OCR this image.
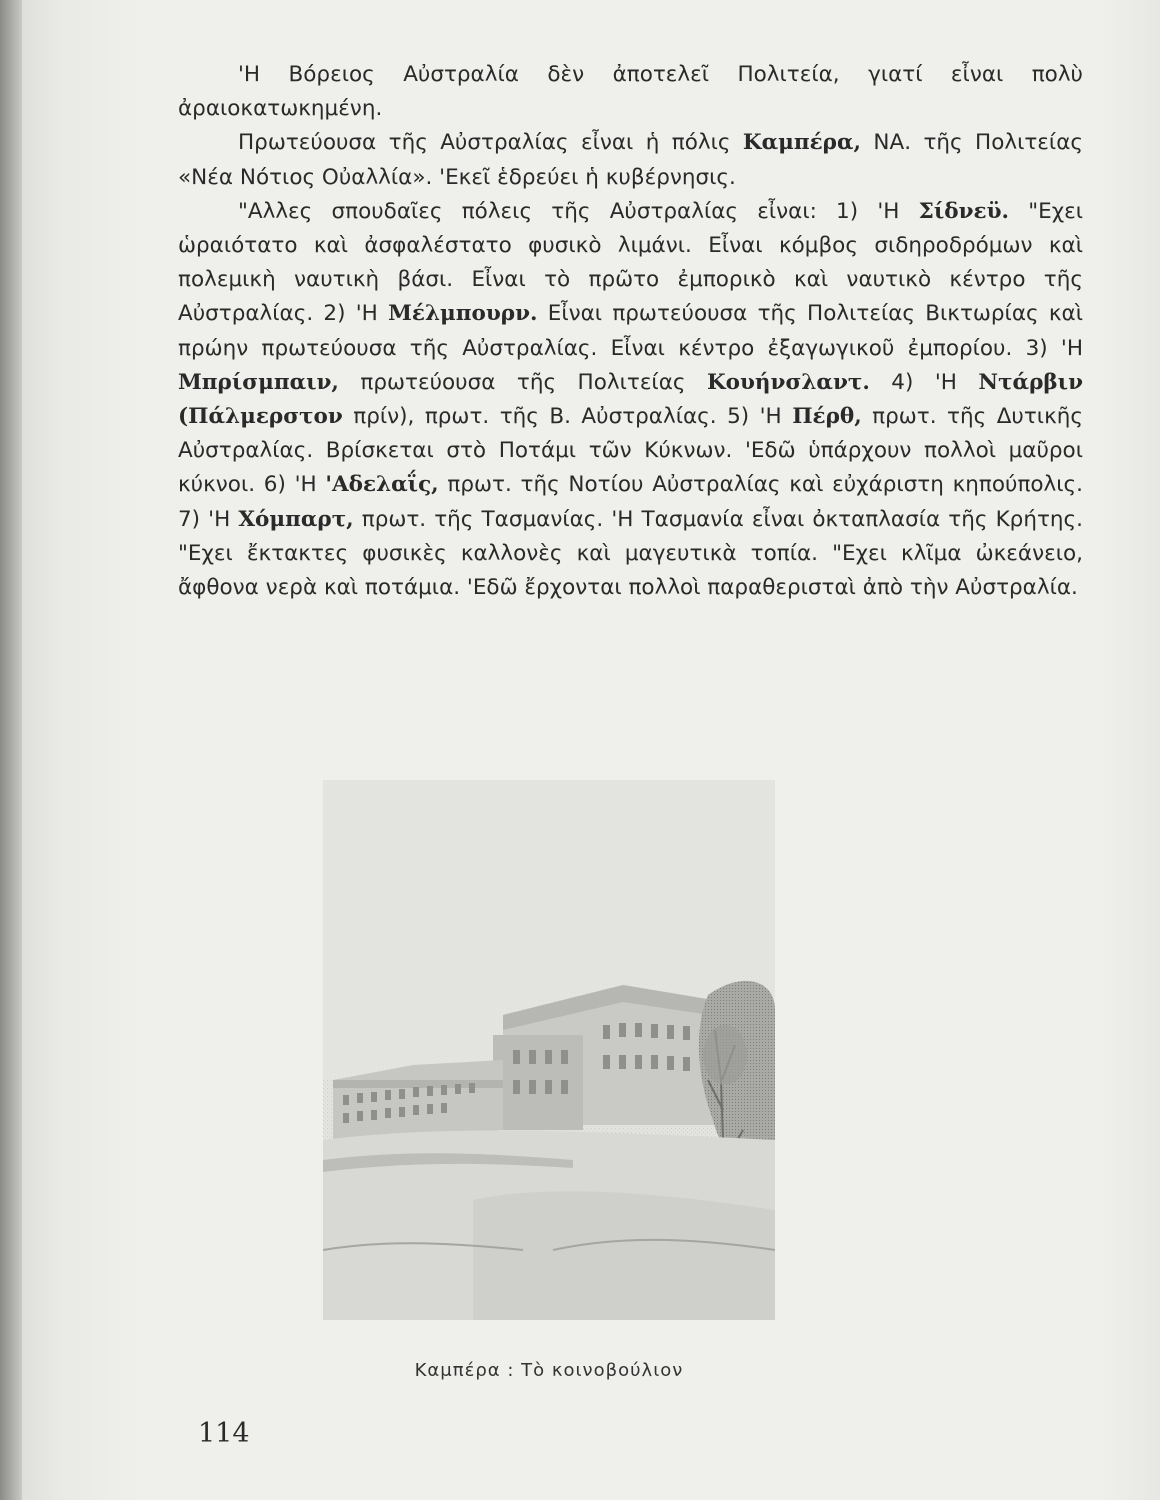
'Η Βόρειος Αὐστραλία δὲν ἀποτελεῖ Πολιτεία, γιατί εἶναι πολὺ ἀραιοκατωκημένη.

Πρωτεύουσα τῆς Αὐστραλίας εἶναι ἡ πόλις Καμπέρα, ΝΑ. τῆς Πολιτείας «Νέα Νότιος Οὐαλλία». 'Εκεῖ ἑδρεύει ἡ κυβέρνησις.

"Αλλες σπουδαῖες πόλεις τῆς Αὐστραλίας εἶναι: 1) 'Η Σίδνεϋ. "Εχει ὡραιότατο καὶ ἀσφαλέστατο φυσικὸ λιμάνι. Εἶναι κόμβος σιδηροδρόμων καὶ πολεμικὴ ναυτικὴ βάσι. Εἶναι τὸ πρῶτο ἐμπορικὸ καὶ ναυτικὸ κέντρο τῆς Αὐστραλίας. 2) 'Η Μέλμπουρν. Εἶναι πρωτεύουσα τῆς Πολιτείας Βικτωρίας καὶ πρώην πρωτεύουσα τῆς Αὐστραλίας. Εἶναι κέντρο ἐξαγωγικοῦ ἐμπορίου. 3) 'Η Μπρίσμπαιν, πρωτεύουσα τῆς Πολιτείας Κουήνσλαντ. 4) 'Η Ντάρβιν (Πάλμερστον πρίν), πρωτ. τῆς Β. Αὐστραλίας. 5) 'Η Πέρθ, πρωτ. τῆς Δυτικῆς Αὐστραλίας. Βρίσκεται στὸ Ποτάμι τῶν Κύκνων. 'Εδῶ ὑπάρχουν πολλοὶ μαῦροι κύκνοι. 6) 'Η 'Αδελαΐς, πρωτ. τῆς Νοτίου Αὐστραλίας καὶ εὐχάριστη κηπούπολις. 7) 'Η Χόμπαρτ, πρωτ. τῆς Τασμανίας. 'Η Τασμανία εἶναι ὀκταπλασία τῆς Κρήτης. "Εχει ἔκτακτες φυσικὲς καλλονὲς καὶ μαγευτικὰ τοπία. "Εχει κλῖμα ὠκεάνειο, ἄφθονα νερὰ καὶ ποτάμια. 'Εδῶ ἔρχονται πολλοὶ παραθερισταὶ ἀπὸ τὴν Αὐστραλία.

Καμπέρα : Τὸ κοινοβούλιον
114
